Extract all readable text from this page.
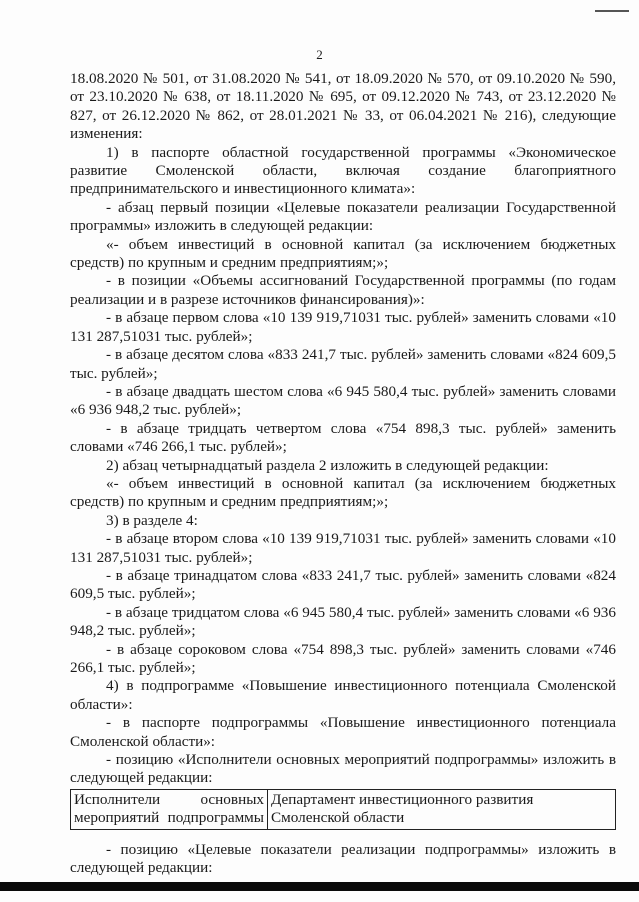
2

18.08.2020 № 501, от 31.08.2020 № 541, от 18.09.2020 № 570, от 09.10.2020 № 590, от 23.10.2020 № 638, от 18.11.2020 № 695, от 09.12.2020 № 743, от 23.12.2020 № 827, от 26.12.2020 № 862, от 28.01.2021 № 33, от 06.04.2021 № 216), следующие изменения:

1) в паспорте областной государственной программы «Экономическое развитие Смоленской области, включая создание благоприятного предпринимательского и инвестиционного климата»:

- абзац первый позиции «Целевые показатели реализации Государственной программы» изложить в следующей редакции:

«- объем инвестиций в основной капитал (за исключением бюджетных средств) по крупным и средним предприятиям;»;

- в позиции «Объемы ассигнований Государственной программы (по годам реализации и в разрезе источников финансирования)»:

- в абзаце первом слова «10 139 919,71031 тыс. рублей» заменить словами «10 131 287,51031 тыс. рублей»;

- в абзаце десятом слова «833 241,7 тыс. рублей» заменить словами «824 609,5 тыс. рублей»;

- в абзаце двадцать шестом слова «6 945 580,4 тыс. рублей» заменить словами «6 936 948,2 тыс. рублей»;

- в абзаце тридцать четвертом слова «754 898,3 тыс. рублей» заменить словами «746 266,1 тыс. рублей»;

2) абзац четырнадцатый раздела 2 изложить в следующей редакции:

«- объем инвестиций в основной капитал (за исключением бюджетных средств) по крупным и средним предприятиям;»;

3) в разделе 4:

- в абзаце втором слова «10 139 919,71031 тыс. рублей» заменить словами «10 131 287,51031 тыс. рублей»;

- в абзаце тринадцатом слова «833 241,7 тыс. рублей» заменить словами «824 609,5 тыс. рублей»;

- в абзаце тридцатом слова «6 945 580,4 тыс. рублей» заменить словами «6 936 948,2 тыс. рублей»;

- в абзаце сороковом слова «754 898,3 тыс. рублей» заменить словами «746 266,1 тыс. рублей»;

4) в подпрограмме «Повышение инвестиционного потенциала Смоленской области»:

- в паспорте подпрограммы «Повышение инвестиционного потенциала Смоленской области»:

- позицию «Исполнители основных мероприятий подпрограммы» изложить в следующей редакции:

Исполнители основных мероприятий подпрограммы	Департамент инвестиционного развития Смоленской области

- позицию «Целевые показатели реализации подпрограммы» изложить в следующей редакции:
